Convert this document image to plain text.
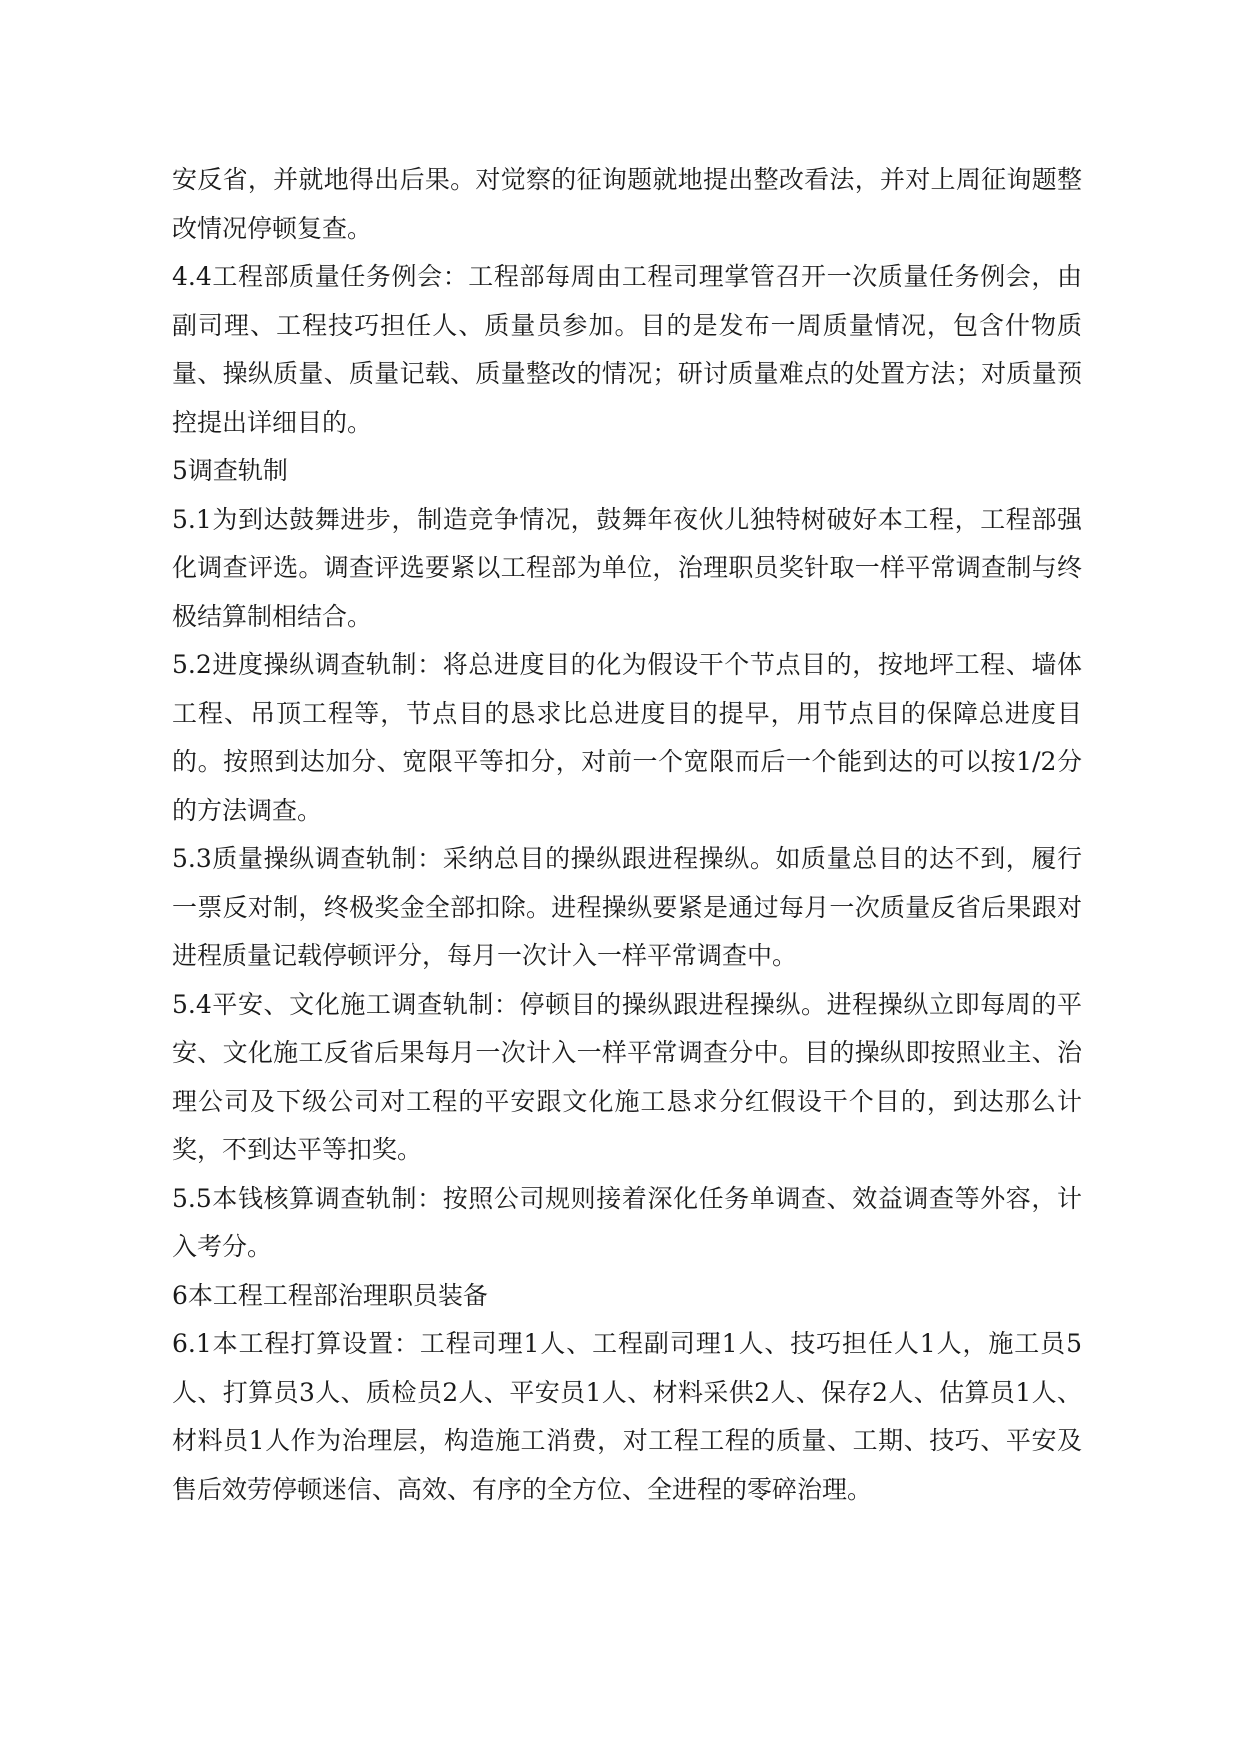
安反省，并就地得出后果。对觉察的征询题就地提出整改看法，并对上周征询题整改情况停顿复查。

4.4工程部质量任务例会：工程部每周由工程司理掌管召开一次质量任务例会，由副司理、工程技巧担任人、质量员参加。目的是发布一周质量情况，包含什物质量、操纵质量、质量记载、质量整改的情况；研讨质量难点的处置方法；对质量预控提出详细目的。

5调查轨制

5.1为到达鼓舞进步，制造竞争情况，鼓舞年夜伙儿独特树破好本工程，工程部强化调查评选。调查评选要紧以工程部为单位，治理职员奖针取一样平常调查制与终极结算制相结合。

5.2进度操纵调查轨制：将总进度目的化为假设干个节点目的，按地坪工程、墙体工程、吊顶工程等，节点目的恳求比总进度目的提早，用节点目的保障总进度目的。按照到达加分、宽限平等扣分，对前一个宽限而后一个能到达的可以按1/2分的方法调查。

5.3质量操纵调查轨制：采纳总目的操纵跟进程操纵。如质量总目的达不到，履行一票反对制，终极奖金全部扣除。进程操纵要紧是通过每月一次质量反省后果跟对进程质量记载停顿评分，每月一次计入一样平常调查中。

5.4平安、文化施工调查轨制：停顿目的操纵跟进程操纵。进程操纵立即每周的平安、文化施工反省后果每月一次计入一样平常调查分中。目的操纵即按照业主、治理公司及下级公司对工程的平安跟文化施工恳求分红假设干个目的，到达那么计奖，不到达平等扣奖。

5.5本钱核算调查轨制：按照公司规则接着深化任务单调查、效益调查等外容，计入考分。

6本工程工程部治理职员装备

6.1本工程打算设置：工程司理1人、工程副司理1人、技巧担任人1人，施工员5人、打算员3人、质检员2人、平安员1人、材料采供2人、保存2人、估算员1人、材料员1人作为治理层，构造施工消费，对工程工程的质量、工期、技巧、平安及售后效劳停顿迷信、高效、有序的全方位、全进程的零碎治理。
